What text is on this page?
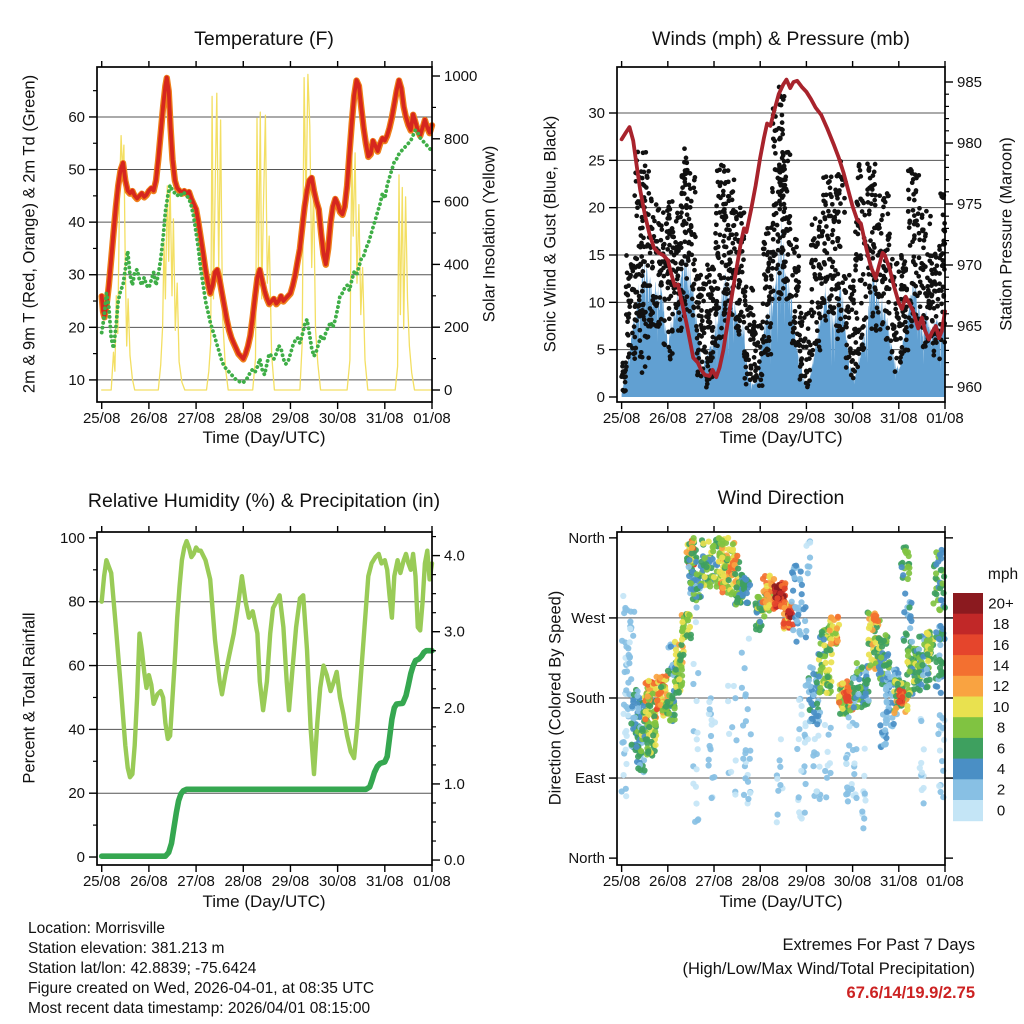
25/08 26/08 27/08 28/08 29/08 30/08 31/08 01/08
10
20
30
40
50
60
0
200
400
600
800
1000
25/08 26/08 27/08 28/08 29/08 30/08 31/08 01/08
0
5
10
15
20
25
30
960
965
970
975
980
985
25/08 26/08 27/08 28/08 29/08 30/08 31/08 01/08
0
20
40
60
80
100
0.0
1.0
2.0
3.0
4.0
25/08 26/08 27/08 28/08 29/08 30/08 31/08 01/08
North
West
South
East
North
20+
18
16
14
12
10
8
6
4
2
0
Temperature (F)	Winds (mph) & Pressure (mb)
Relative Humidity (%) & Precipitation (in)	Wind Direction
2m & 9m T (Red, Orange) & 2m Td (Green)	Solar Insolation (Yellow)	Sonic Wind & Gust (Blue, Black)	Station Pressure (Maroon)
Percent & Total Rainfall	Direction (Colored By Speed)
Time (Day/UTC)	Time (Day/UTC)
Time (Day/UTC)	Time (Day/UTC)
mph
Location: Morrisville
Station elevation: 381.213 m
Station lat/lon: 42.8839; -75.6424
Figure created on Wed, 2026-04-01, at 08:35 UTC
Most recent data timestamp: 2026/04/01 08:15:00
Extremes For Past 7 Days
(High/Low/Max Wind/Total Precipitation)
67.6/14/19.9/2.75
